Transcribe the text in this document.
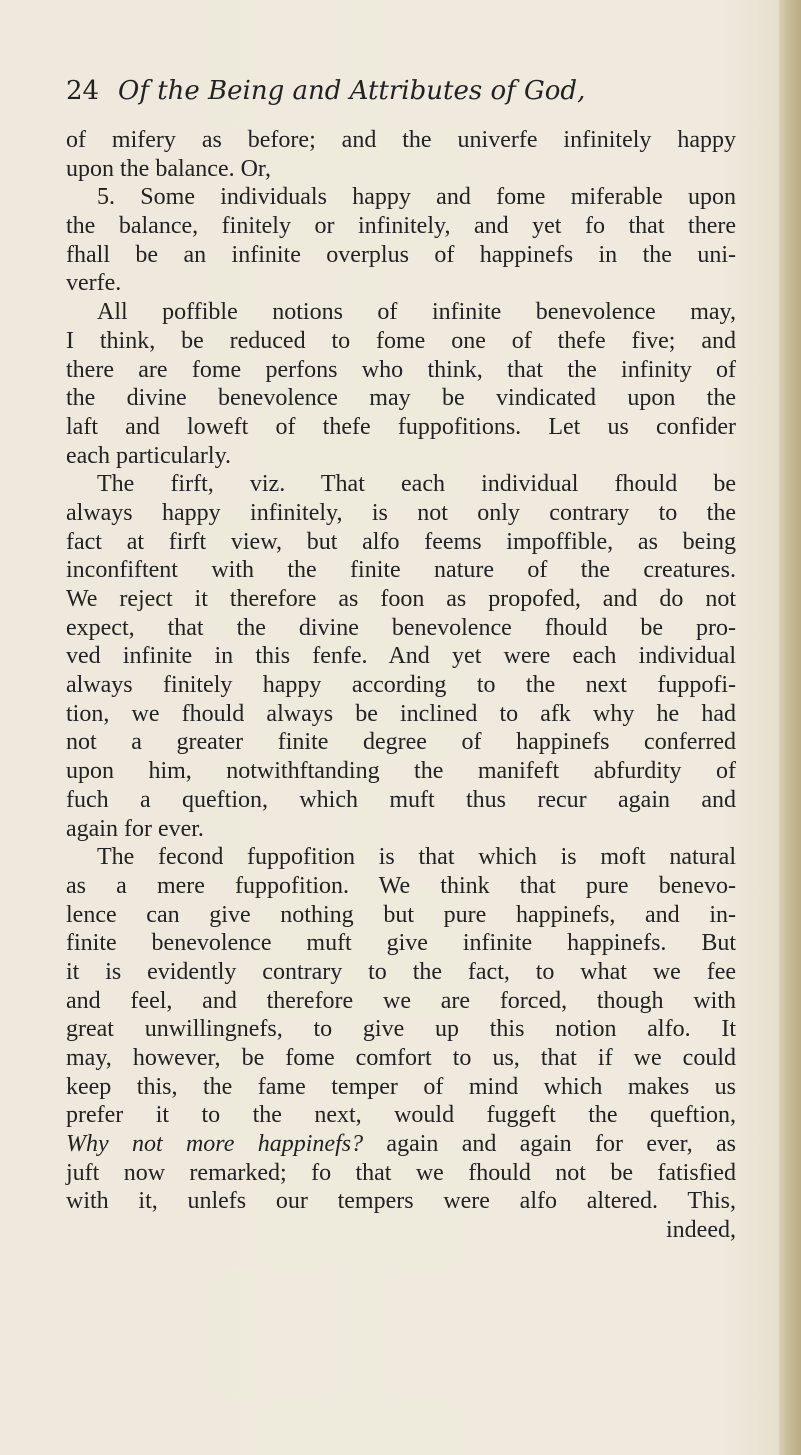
24 Of the Being and Attributes of God,
of mifery as before; and the univerfe infinitely happy
upon the balance. Or,
5. Some individuals happy and fome miferable upon
the balance, finitely or infinitely, and yet fo that there
fhall be an infinite overplus of happinefs in the uni-
verfe.
All poffible notions of infinite benevolence may,
I think, be reduced to fome one of thefe five; and
there are fome perfons who think, that the infinity of
the divine benevolence may be vindicated upon the
laft and loweft of thefe fuppofitions. Let us confider
each particularly.
The firft, viz. That each individual fhould be
always happy infinitely, is not only contrary to the
fact at firft view, but alfo feems impoffible, as being
inconfiftent with the finite nature of the creatures.
We reject it therefore as foon as propofed, and do not
expect, that the divine benevolence fhould be pro-
ved infinite in this fenfe. And yet were each individual
always finitely happy according to the next fuppofi-
tion, we fhould always be inclined to afk why he had
not a greater finite degree of happinefs conferred
upon him, notwithftanding the manifeft abfurdity of
fuch a queftion, which muft thus recur again and
again for ever.
The fecond fuppofition is that which is moft natural
as a mere fuppofition. We think that pure benevo-
lence can give nothing but pure happinefs, and in-
finite benevolence muft give infinite happinefs. But
it is evidently contrary to the fact, to what we fee
and feel, and therefore we are forced, though with
great unwillingnefs, to give up this notion alfo. It
may, however, be fome comfort to us, that if we could
keep this, the fame temper of mind which makes us
prefer it to the next, would fuggeft the queftion,
Why not more happinefs? again and again for ever, as
juft now remarked; fo that we fhould not be fatisfied
with it, unlefs our tempers were alfo altered. This,
indeed,
